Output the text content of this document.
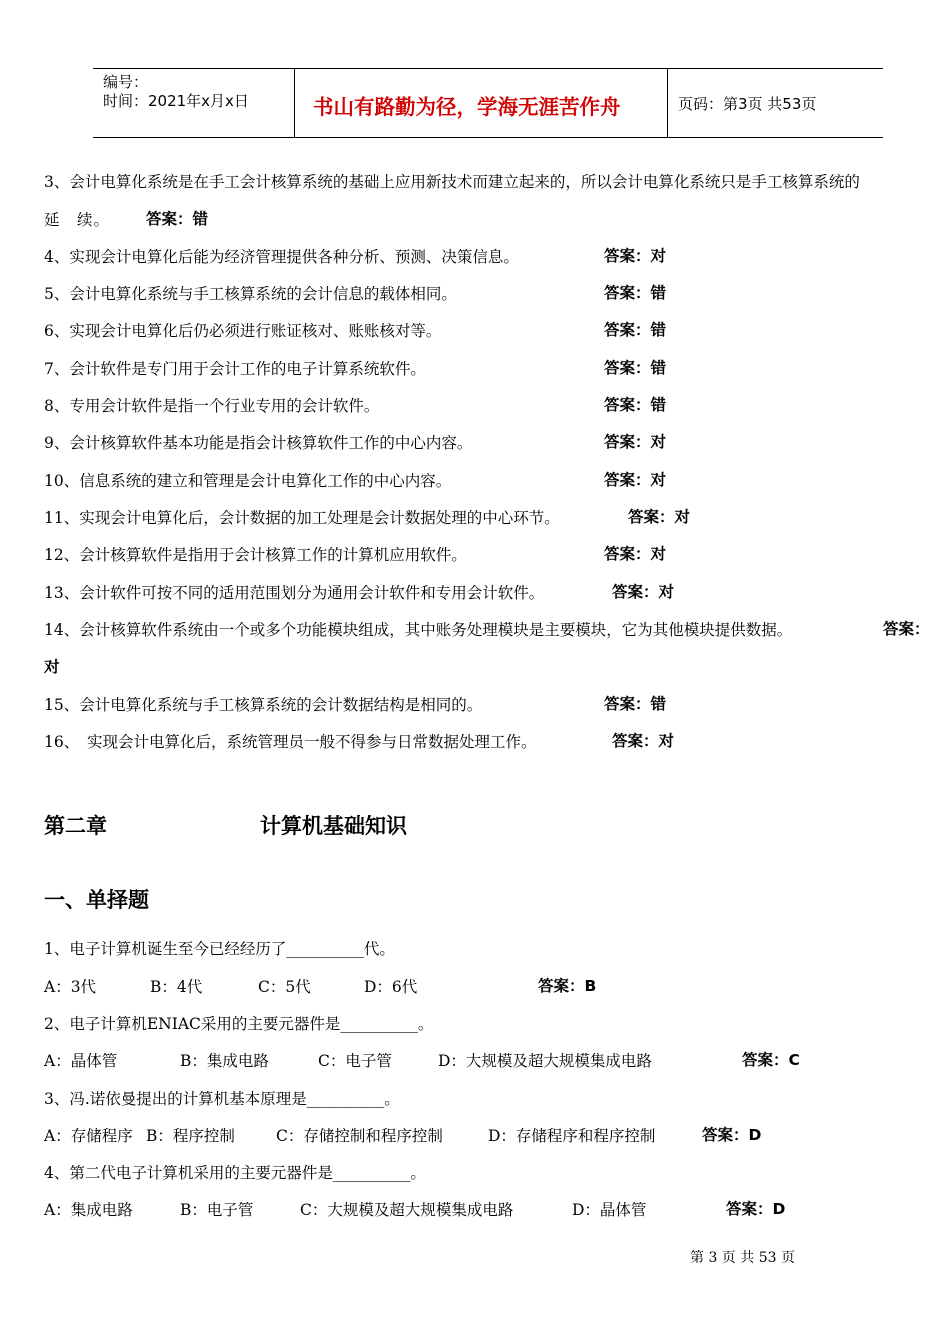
编号：
时间：2021年x月x日	书山有路勤为径，学海无涯苦作舟	页码：第3页 共53页
3、会计电算化系统是在手工会计核算系统的基础上应用新技术而建立起来的，所以会计电算化系统只是手工核算系统的
延　续。 答案：错
4、实现会计电算化后能为经济管理提供各种分析、预测、决策信息。	答案：对
5、会计电算化系统与手工核算系统的会计信息的载体相同。	答案：错
6、实现会计电算化后仍必须进行账证核对、账账核对等。	答案：错
7、会计软件是专门用于会计工作的电子计算系统软件。	答案：错
8、专用会计软件是指一个行业专用的会计软件。	答案：错
9、会计核算软件基本功能是指会计核算软件工作的中心内容。	答案：对
10、信息系统的建立和管理是会计电算化工作的中心内容。	答案：对
11、实现会计电算化后，会计数据的加工处理是会计数据处理的中心环节。	答案：对
12、会计核算软件是指用于会计核算工作的计算机应用软件。	答案：对
13、会计软件可按不同的适用范围划分为通用会计软件和专用会计软件。	答案：对
14、会计核算软件系统由一个或多个功能模块组成，其中账务处理模块是主要模块，它为其他模块提供数据。	答案：
对
15、会计电算化系统与手工核算系统的会计数据结构是相同的。	答案：错
16、　实现会计电算化后，系统管理员一般不得参与日常数据处理工作。	答案：对
第二章	计算机基础知识
一、单择题
1、电子计算机诞生至今已经经历了__________代。
A：3代	B：4代	C：5代	D：6代	答案：B
2、电子计算机ENIAC采用的主要元器件是__________。
A：晶体管	B：集成电路	C：电子管	D：大规模及超大规模集成电路	答案：C
3、冯.诺依曼提出的计算机基本原理是__________。
A：存储程序 B：程序控制	C：存储控制和程序控制	D：存储程序和程序控制	答案：D
4、第二代电子计算机采用的主要元器件是__________。
A：集成电路	B：电子管	C：大规模及超大规模集成电路	D：晶体管	答案：D
第 3 页 共 53 页
